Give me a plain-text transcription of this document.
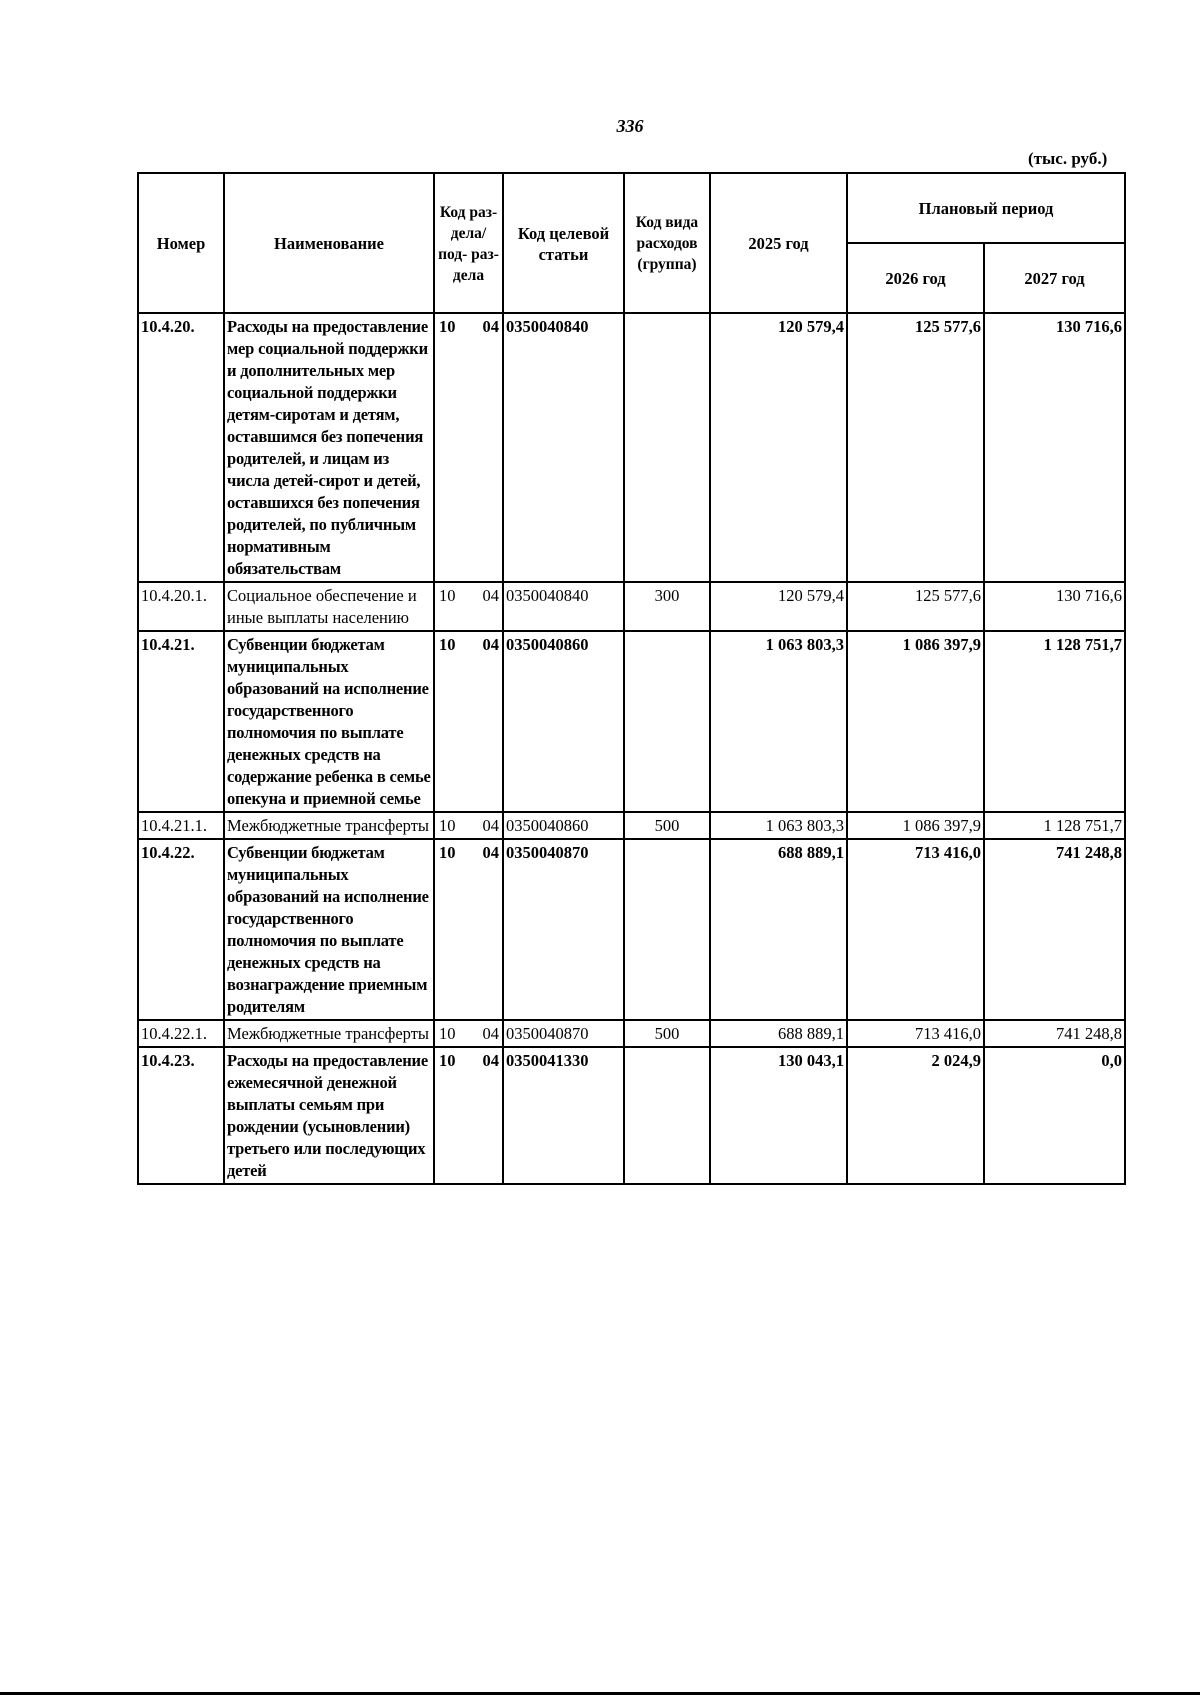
336
(тыс. руб.)
Номер	Наименование	Код раз- дела/ под- раз- дела	Код целевой статьи	Код вида расходов (группа)	2025 год	Плановый период	
						2026 год	2027 год
10.4.20.	Расходы на предоставление мер социальной поддержки и дополнительных мер социальной поддержки детям-сиротам и детям, оставшимся без попечения родителей, и лицам из числа детей-сирот и детей, оставшихся без попечения родителей, по публичным нормативным обязательствам	10 04	0350040840		120 579,4	125 577,6	130 716,6
10.4.20.1.	Социальное обеспечение и иные выплаты населению	10 04	0350040840	300	120 579,4	125 577,6	130 716,6
10.4.21.	Субвенции бюджетам муниципальных образований на исполнение государственного полномочия по выплате денежных средств на содержание ребенка в семье опекуна и приемной семье	10 04	0350040860		1 063 803,3	1 086 397,9	1 128 751,7
10.4.21.1.	Межбюджетные трансферты	10 04	0350040860	500	1 063 803,3	1 086 397,9	1 128 751,7
10.4.22.	Субвенции бюджетам муниципальных образований на исполнение государственного полномочия по выплате денежных средств на вознаграждение приемным родителям	10 04	0350040870		688 889,1	713 416,0	741 248,8
10.4.22.1.	Межбюджетные трансферты	10 04	0350040870	500	688 889,1	713 416,0	741 248,8
10.4.23.	Расходы на предоставление ежемесячной денежной выплаты семьям при рождении (усыновлении) третьего или последующих детей	10 04	0350041330		130 043,1	2 024,9	0,0
